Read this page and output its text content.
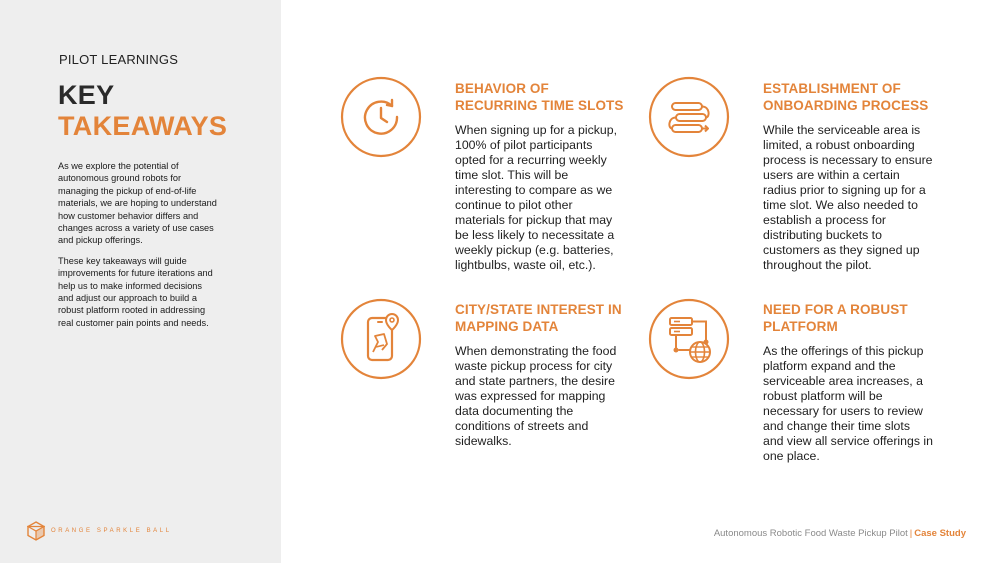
PILOT LEARNINGS
KEY
TAKEAWAYS

As we explore the potential of autonomous ground robots for managing the pickup of end-of-life materials, we are hoping to understand how customer behavior differs and changes across a variety of use cases and pickup offerings.

These key takeaways will guide improvements for future iterations and help us to make informed decisions and adjust our approach to build a robust platform rooted in addressing real customer pain points and needs.

ORANGE SPARKLE BALL
BEHAVIOR OF RECURRING TIME SLOTS
When signing up for a pickup, 100% of pilot participants opted for a recurring weekly time slot. This will be interesting to compare as we continue to pilot other materials for pickup that may be less likely to necessitate a weekly pickup (e.g. batteries, lightbulbs, waste oil, etc.).
ESTABLISHMENT OF ONBOARDING PROCESS
While the serviceable area is limited, a robust onboarding process is necessary to ensure users are within a certain radius prior to signing up for a time slot. We also needed to establish a process for distributing buckets to customers as they signed up throughout the pilot.
CITY/STATE INTEREST IN MAPPING DATA
When demonstrating the food waste pickup process for city and state partners, the desire was expressed for mapping data documenting the conditions of streets and sidewalks.
NEED FOR A ROBUST PLATFORM
As the offerings of this pickup platform expand and the serviceable area increases, a robust platform will be necessary for users to review and change their time slots and view all service offerings in one place.
Autonomous Robotic Food Waste Pickup Pilot | Case Study
